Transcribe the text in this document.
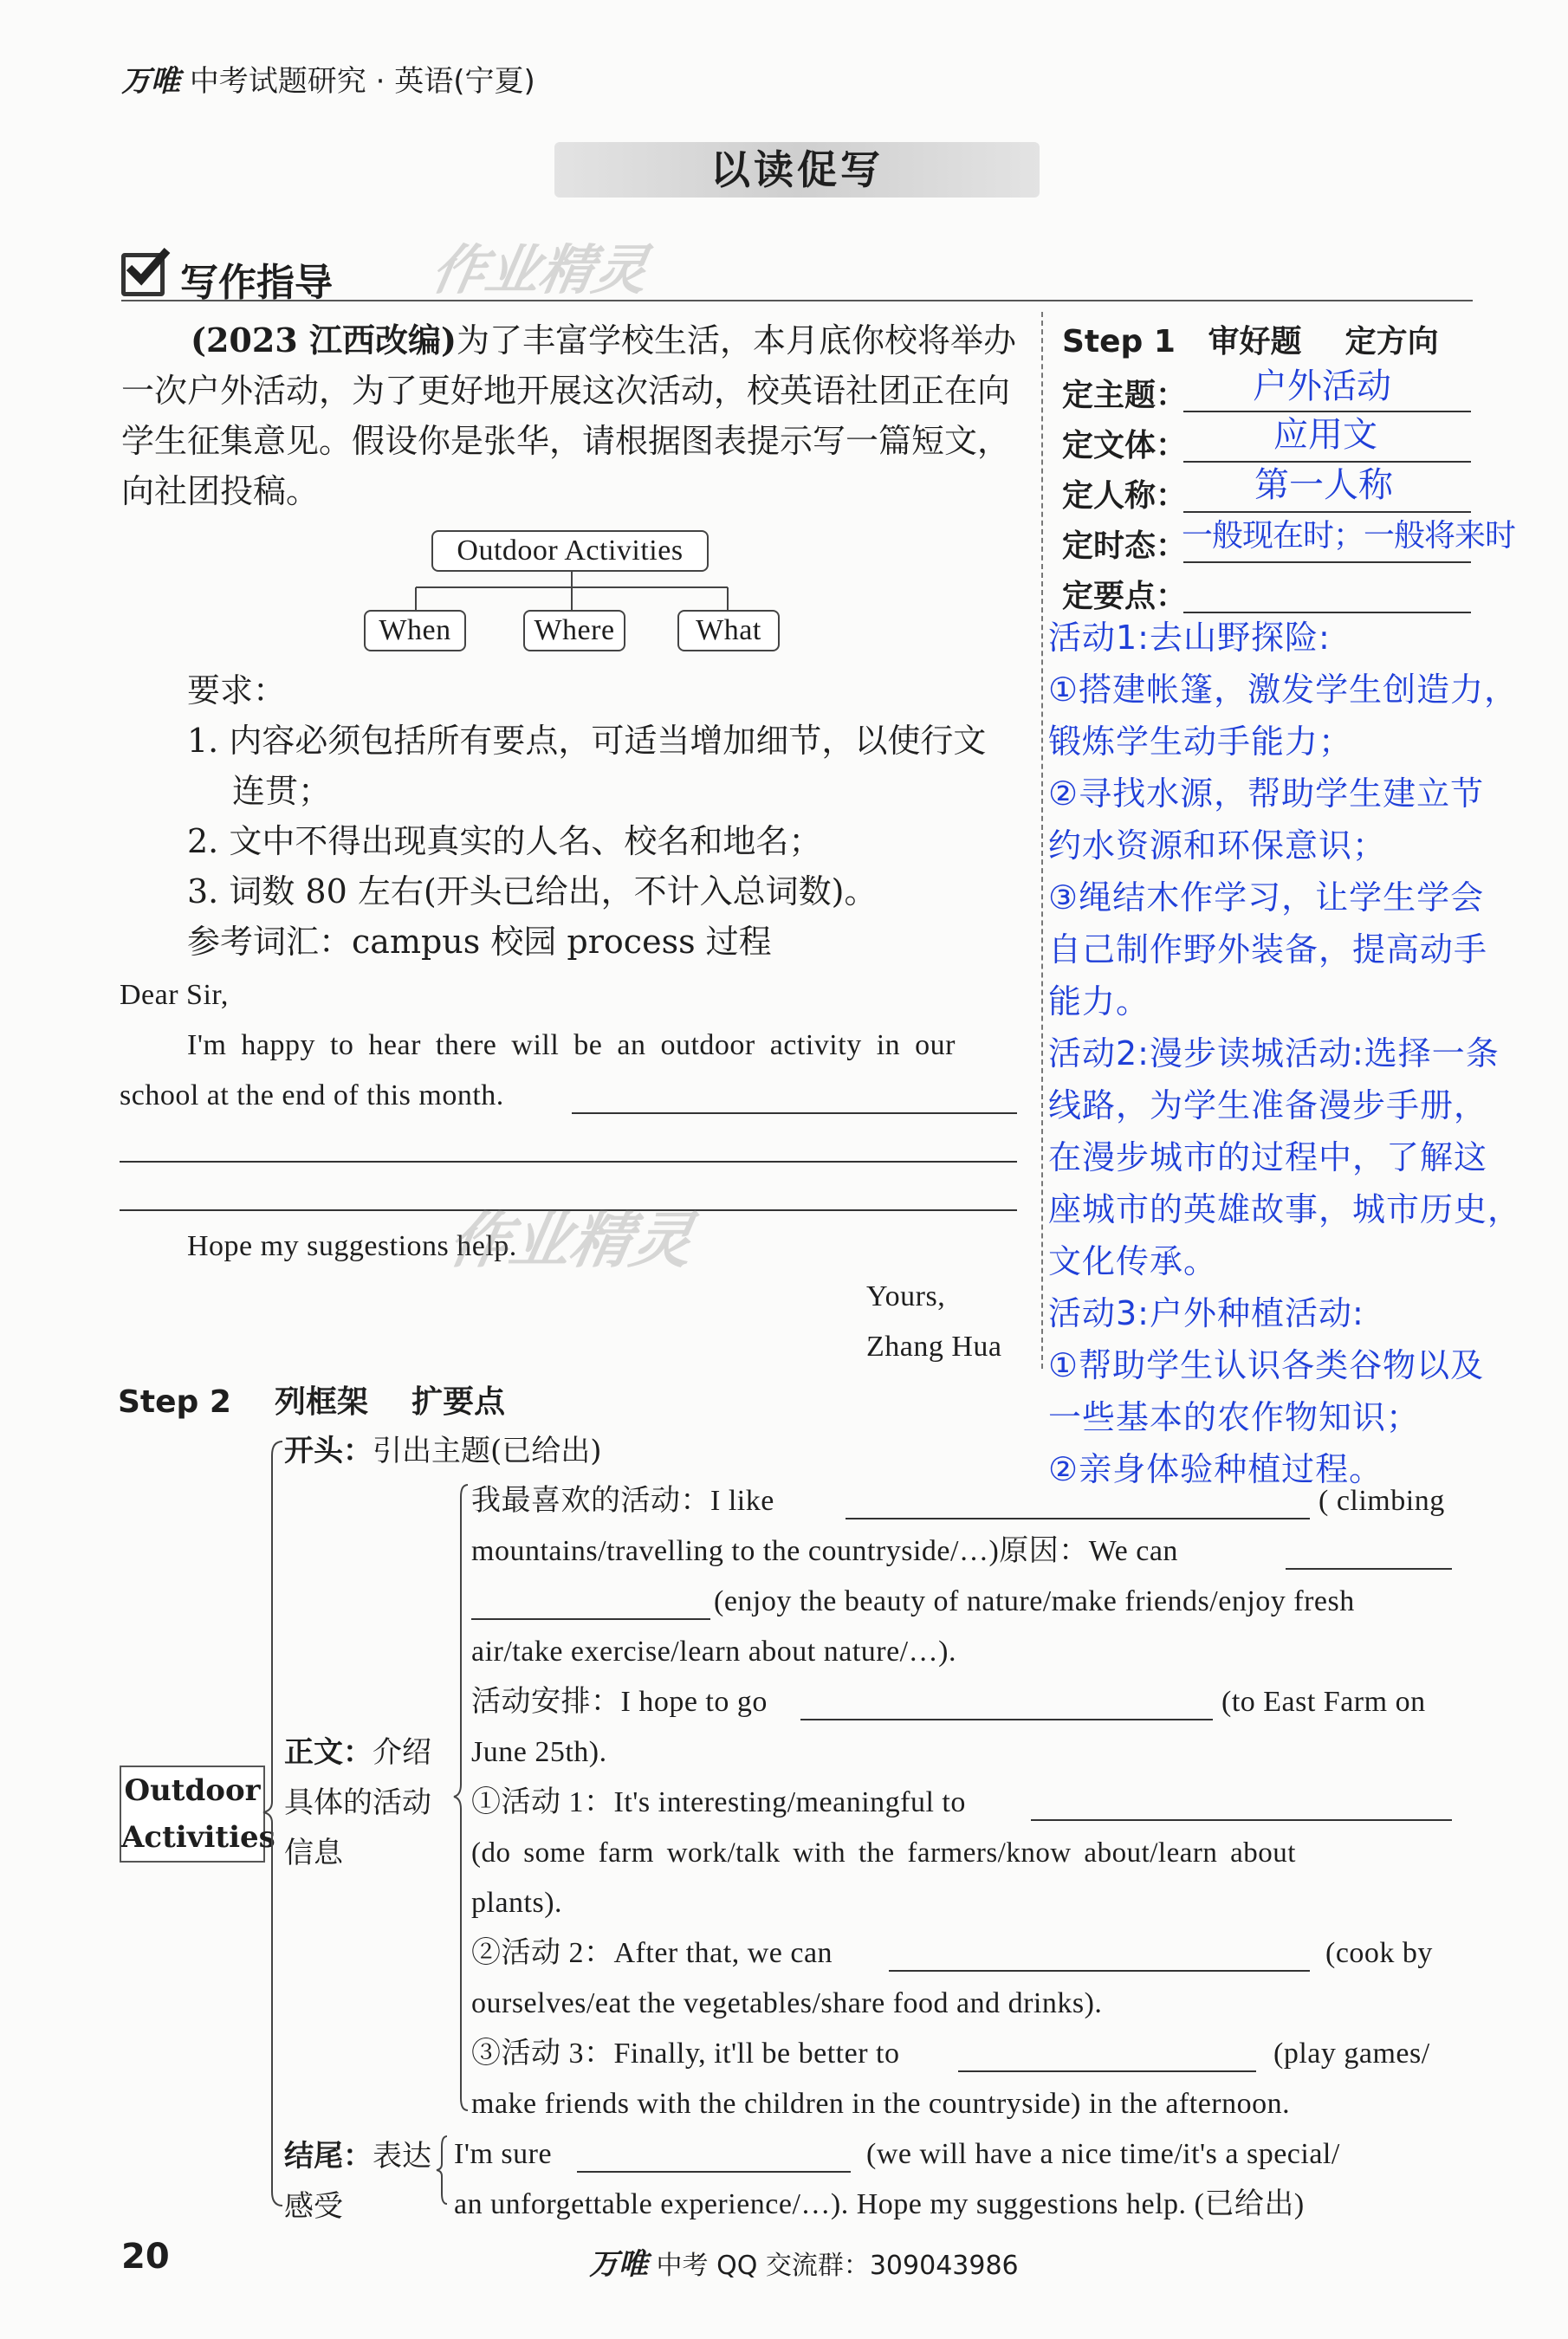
万唯 中考试题研究 · 英语(宁夏)
以读促写
写作指导 作业精灵
(2023 江西改编)为了丰富学校生活，本月底你校将举办
一次户外活动，为了更好地开展这次活动，校英语社团正在向
学生征集意见。假设你是张华，请根据图表提示写一篇短文，
向社团投稿。
Outdoor Activities
When	Where	What
要求：
1. 内容必须包括所有要点，可适当增加细节，以使行文
连贯；
2. 文中不得出现真实的人名、校名和地名；
3. 词数 80 左右(开头已给出，不计入总词数)。
参考词汇：campus 校园 process 过程
Dear Sir,
I'm happy to hear there will be an outdoor activity in our
school at the end of this month.
Hope my suggestions help.
作业精灵
Yours,
Zhang Hua
Step 1   审好题    定方向
定主题： 户外活动
定文体： 应用文
定人称： 第一人称
定时态：
一般现在时；一般将来时
定要点：
活动1:去山野探险:
①搭建帐篷，激发学生创造力，
锻炼学生动手能力；
②寻找水源，帮助学生建立节
约水资源和环保意识；
③绳结木作学习，让学生学会
自己制作野外装备，提高动手
能力。
活动2:漫步读城活动:选择一条
线路，为学生准备漫步手册，
在漫步城市的过程中，了解这
座城市的英雄故事，城市历史，
文化传承。
活动3:户外种植活动:
①帮助学生认识各类谷物以及
一些基本的农作物知识；
②亲身体验种植过程。
Step 2    列框架    扩要点
Outdoor
Activities
开头：引出主题(已给出)
正文：介绍
具体的活动
信息
结尾：表达
感受
我最喜欢的活动：I like	( climbing
mountains/travelling to the countryside/…)原因：We can
(enjoy the beauty of nature/make friends/enjoy fresh
air/take exercise/learn about nature/…).
活动安排：I hope to go	(to East Farm on
June 25th).
①活动 1：It's interesting/meaningful to
(do some farm work/talk with the farmers/know about/learn about
plants).
②活动 2：After that, we can	(cook by
ourselves/eat the vegetables/share food and drinks).
③活动 3：Finally, it'll be better to	(play games/
make friends with the children in the countryside) in the afternoon.
I'm sure	(we will have a nice time/it's a special/
an unforgettable experience/…). Hope my suggestions help. (已给出)
20	万唯 中考 QQ 交流群：309043986
